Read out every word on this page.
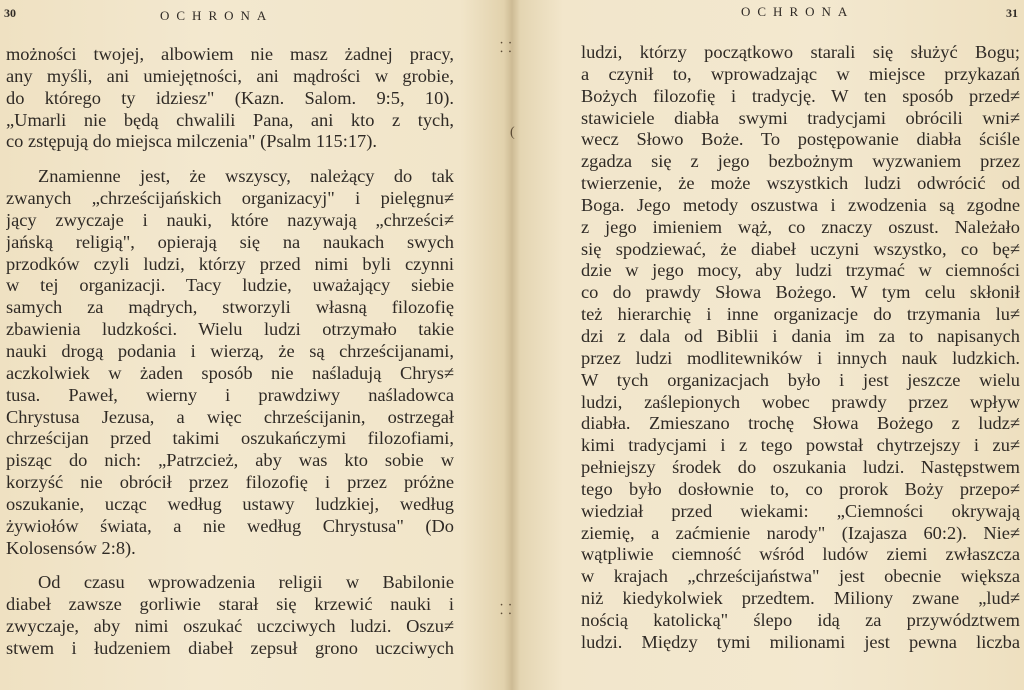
30	OCHRONA
możności twojej, albowiem nie masz żadnej pracy,
any myśli, ani umiejętności, ani mądrości w grobie,
do którego ty idziesz" (Kazn. Salom. 9:5, 10).
„Umarli nie będą chwalili Pana, ani kto z tych,
co zstępują do miejsca milczenia" (Psalm 115:17).
Znamienne jest, że wszyscy, należący do tak
zwanych „chrześcijańskich organizacyj" i pielęgnu≠
jący zwyczaje i nauki, które nazywają „chrześci≠
jańską religią", opierają się na naukach swych
przodków czyli ludzi, którzy przed nimi byli czynni
w tej organizacji. Tacy ludzie, uważający siebie
samych za mądrych, stworzyli własną filozofię
zbawienia ludzkości. Wielu ludzi otrzymało takie
nauki drogą podania i wierzą, że są chrześcijanami,
aczkolwiek w żaden sposób nie naśladują Chrys≠
tusa. Paweł, wierny i prawdziwy naśladowca
Chrystusa Jezusa, a więc chrześcijanin, ostrzegał
chrześcijan przed takimi oszukańczymi filozofiami,
pisząc do nich: „Patrzcież, aby was kto sobie w
korzyść nie obrócił przez filozofię i przez próżne
oszukanie, ucząc według ustawy ludzkiej, według
żywiołów świata, a nie według Chrystusa" (Do
Kolosensów 2:8).
Od czasu wprowadzenia religii w Babilonie
diabeł zawsze gorliwie starał się krzewić nauki i
zwyczaje, aby nimi oszukać uczciwych ludzi. Oszu≠
stwem i łudzeniem diabeł zepsuł grono uczciwych
⸬
(
⸬
OCHRONA	31
ludzi, którzy początkowo starali się służyć Bogu;
a czynił to, wprowadzając w miejsce przykazań
Bożych filozofię i tradycję. W ten sposób przed≠
stawiciele diabła swymi tradycjami obrócili wni≠
wecz Słowo Boże. To postępowanie diabła ściśle
zgadza się z jego bezbożnym wyzwaniem przez
twierzenie, że może wszystkich ludzi odwrócić od
Boga. Jego metody oszustwa i zwodzenia są zgodne
z jego imieniem wąż, co znaczy oszust. Należało
się spodziewać, że diabeł uczyni wszystko, co bę≠
dzie w jego mocy, aby ludzi trzymać w ciemności
co do prawdy Słowa Bożego. W tym celu skłonił
też hierarchię i inne organizacje do trzymania lu≠
dzi z dala od Biblii i dania im za to napisanych
przez ludzi modlitewników i innych nauk ludzkich.
W tych organizacjach było i jest jeszcze wielu
ludzi, zaślepionych wobec prawdy przez wpływ
diabła. Zmieszano trochę Słowa Bożego z ludz≠
kimi tradycjami i z tego powstał chytrzejszy i zu≠
pełniejszy środek do oszukania ludzi. Następstwem
tego było dosłownie to, co prorok Boży przepo≠
wiedział przed wiekami: „Ciemności okrywają
ziemię, a zaćmienie narody" (Izajasza 60:2). Nie≠
wątpliwie ciemność wśród ludów ziemi zwłaszcza
w krajach „chrześcijaństwa" jest obecnie większa
niż kiedykolwiek przedtem. Miliony zwane „lud≠
nością katolicką" ślepo idą za przywództwem
ludzi. Między tymi milionami jest pewna liczba
